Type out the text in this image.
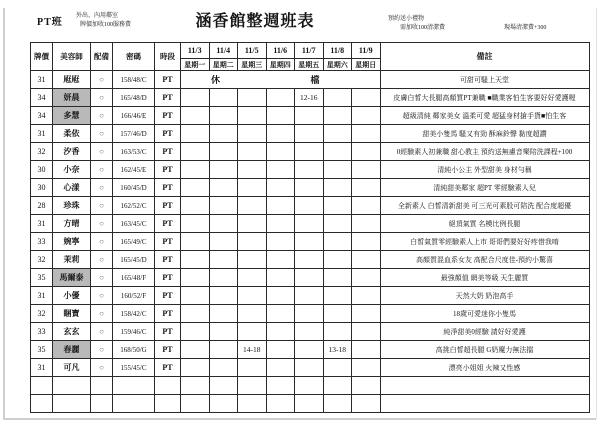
PT班
外出、內用鄰室
牌價加收100服務費	涵香館整週班表	預約送小禮物
需加收100清潔費	現場清潔費+300
牌價	美容師	配備	密碼	時段	11/3	11/4	11/5	11/6	11/7	11/8	11/9	備註
					星期一	星期二	星期三	星期四	星期五	星期六	星期日	
31	屘屘	○	158/48/C	PT	休 檔							可甜可騷上天堂
34	妍晨	○	165/48/D	PT					12-16			皮膚白皙大長腿高顏質PT兼職 ■職業客怕生客要好好愛護喔
34	多慧	○	166/46/E	PT								超級清純 鄰家美女 溫柔可愛 超猛身材搶手貨■怕生客
31	柔依	○	157/46/D	PT								甜美小隻馬 騷又有勁 酥麻鈴聲 黏度超讚
32	汐香	○	163/53/C	PT								0經驗素人初兼職 甜心教主 預約送無慮音樂陪洗課程+100
30	小奈	○	162/45/E	PT								清純小公主 外型甜美 身材勻稱
30	心漾	○	160/45/D	PT								清純甜美鄰家 超PT 零經驗素人兒
28	珍珠	○	162/52/C	PT								全新素人 白皙清新甜美 可三光可素股可陪洗 配合度超優
31	方晴	○	163/45/C	PT								絕頂氣質 名模比例長腿
33	婉寧	○	165/49/C	PT								白皙氣質零經驗素人上市 哥哥們要好好疼惜我唷
32	茉莉	○	165/45/D	PT								高顏質混血系女友 高配合尺度佳-預約小驚喜
35	馬爾泰	○	165/48/F	PT								最強顏值 網美等級 天生麗質
31	小優	○	160/52/F	PT								天然大奶 奶泡高手
32	睏寶	○	158/42/C	PT								18歲可愛迷你小隻馬
33	玄玄	○	159/46/C	PT								純淨甜美0經驗 請好好愛護
35	春麗	○	168/50/G	PT			14-18			13-18		高挑白皙超長腿 G奶魔力無法擋
31	可凡	○	155/45/C	PT								漂亮小姐姐 火辣又性感
